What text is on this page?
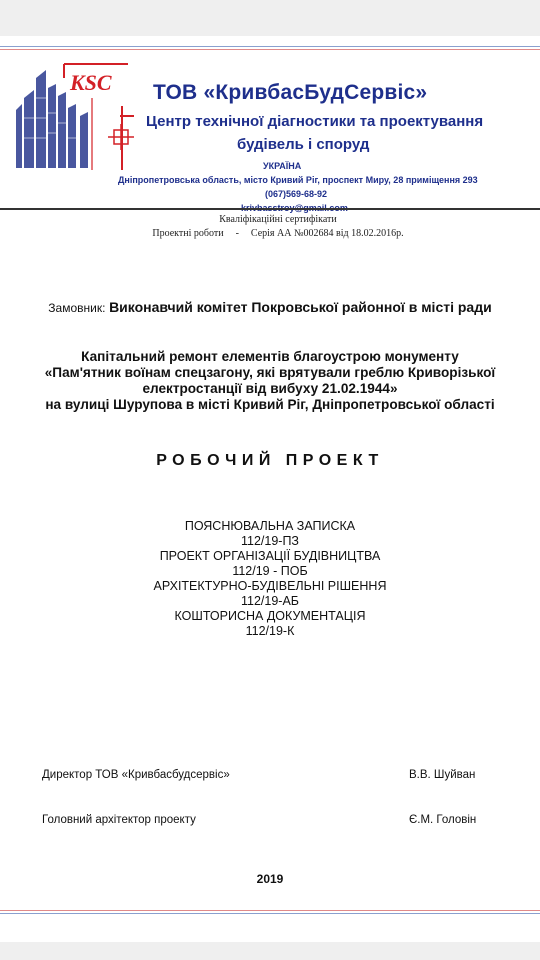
KSC ТОВ «КривбасБудСервіс»
Центр технічної діагностики та проектування
будівель і споруд
УКРАЇНА
Дніпропетровська область, місто Кривий Ріг, проспект Миру, 28 приміщення 293
(067)569-68-92
Кваліфікаційні сертифікати
Проектні роботи - Серія АА №002684 від 18.02.2016р.
Замовник: Виконавчий комітет Покровської районної в місті ради
Капітальний ремонт елементів благоустрою монументу
«Пам'ятник воїнам спецзагону, які врятували греблю Криворізької
електростанції від вибуху 21.02.1944»
на вулиці Шурупова в місті Кривий Ріг, Дніпропетровської області
РОБОЧИЙ ПРОЕКТ
ПОЯСНЮВАЛЬНА ЗАПИСКА
112/19-ПЗ
ПРОЕКТ ОРГАНІЗАЦІЇ БУДІВНИЦТВА
112/19 - ПОБ
АРХІТЕКТУРНО-БУДІВЕЛЬНІ РІШЕННЯ
112/19-АБ
КОШТОРИСНА ДОКУМЕНТАЦІЯ
112/19-К
Директор ТОВ «Кривбасбудсервіс»	В.В. Шуйван
Головний архітектор проекту	Є.М. Головін
2019
